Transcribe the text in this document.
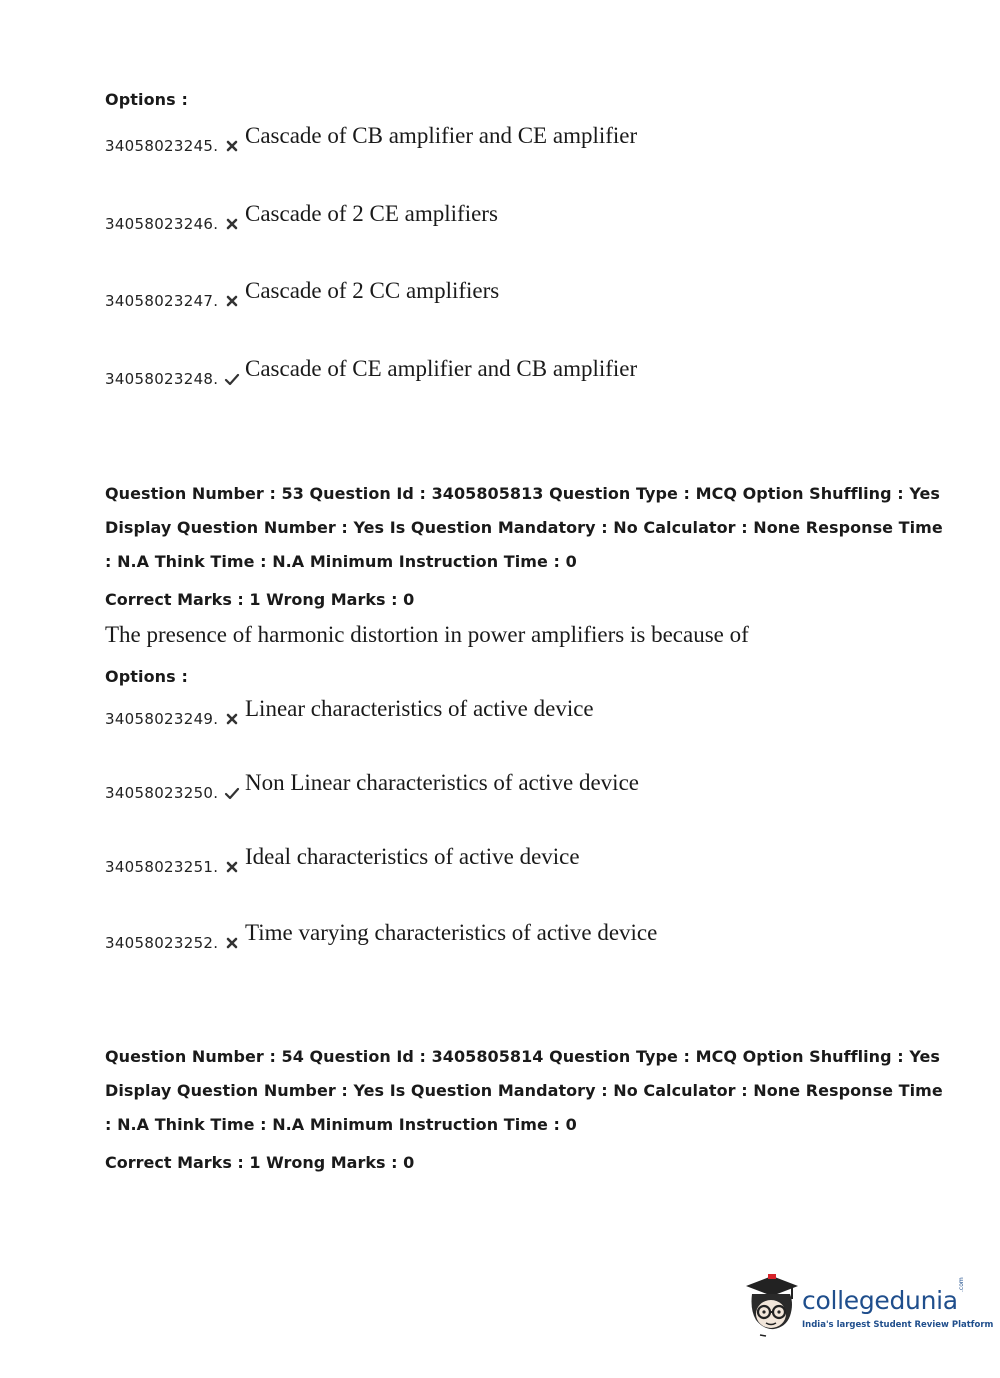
Options :
34058023245. Cascade of CB amplifier and CE amplifier
34058023246. Cascade of 2 CE amplifiers
34058023247. Cascade of 2 CC amplifiers
34058023248. Cascade of CE amplifier and CB amplifier

Question Number : 53 Question Id : 3405805813 Question Type : MCQ Option Shuffling : Yes

Display Question Number : Yes Is Question Mandatory : No Calculator : None Response Time

: N.A Think Time : N.A Minimum Instruction Time : 0

Correct Marks : 1 Wrong Marks : 0
The presence of harmonic distortion in power amplifiers is because of
Options :
34058023249. Linear characteristics of active device
34058023250. Non Linear characteristics of active device
34058023251. Ideal characteristics of active device
34058023252. Time varying characteristics of active device

Question Number : 54 Question Id : 3405805814 Question Type : MCQ Option Shuffling : Yes

Display Question Number : Yes Is Question Mandatory : No Calculator : None Response Time

: N.A Think Time : N.A Minimum Instruction Time : 0

Correct Marks : 1 Wrong Marks : 0
collegedunia
.com
India's largest Student Review Platform
